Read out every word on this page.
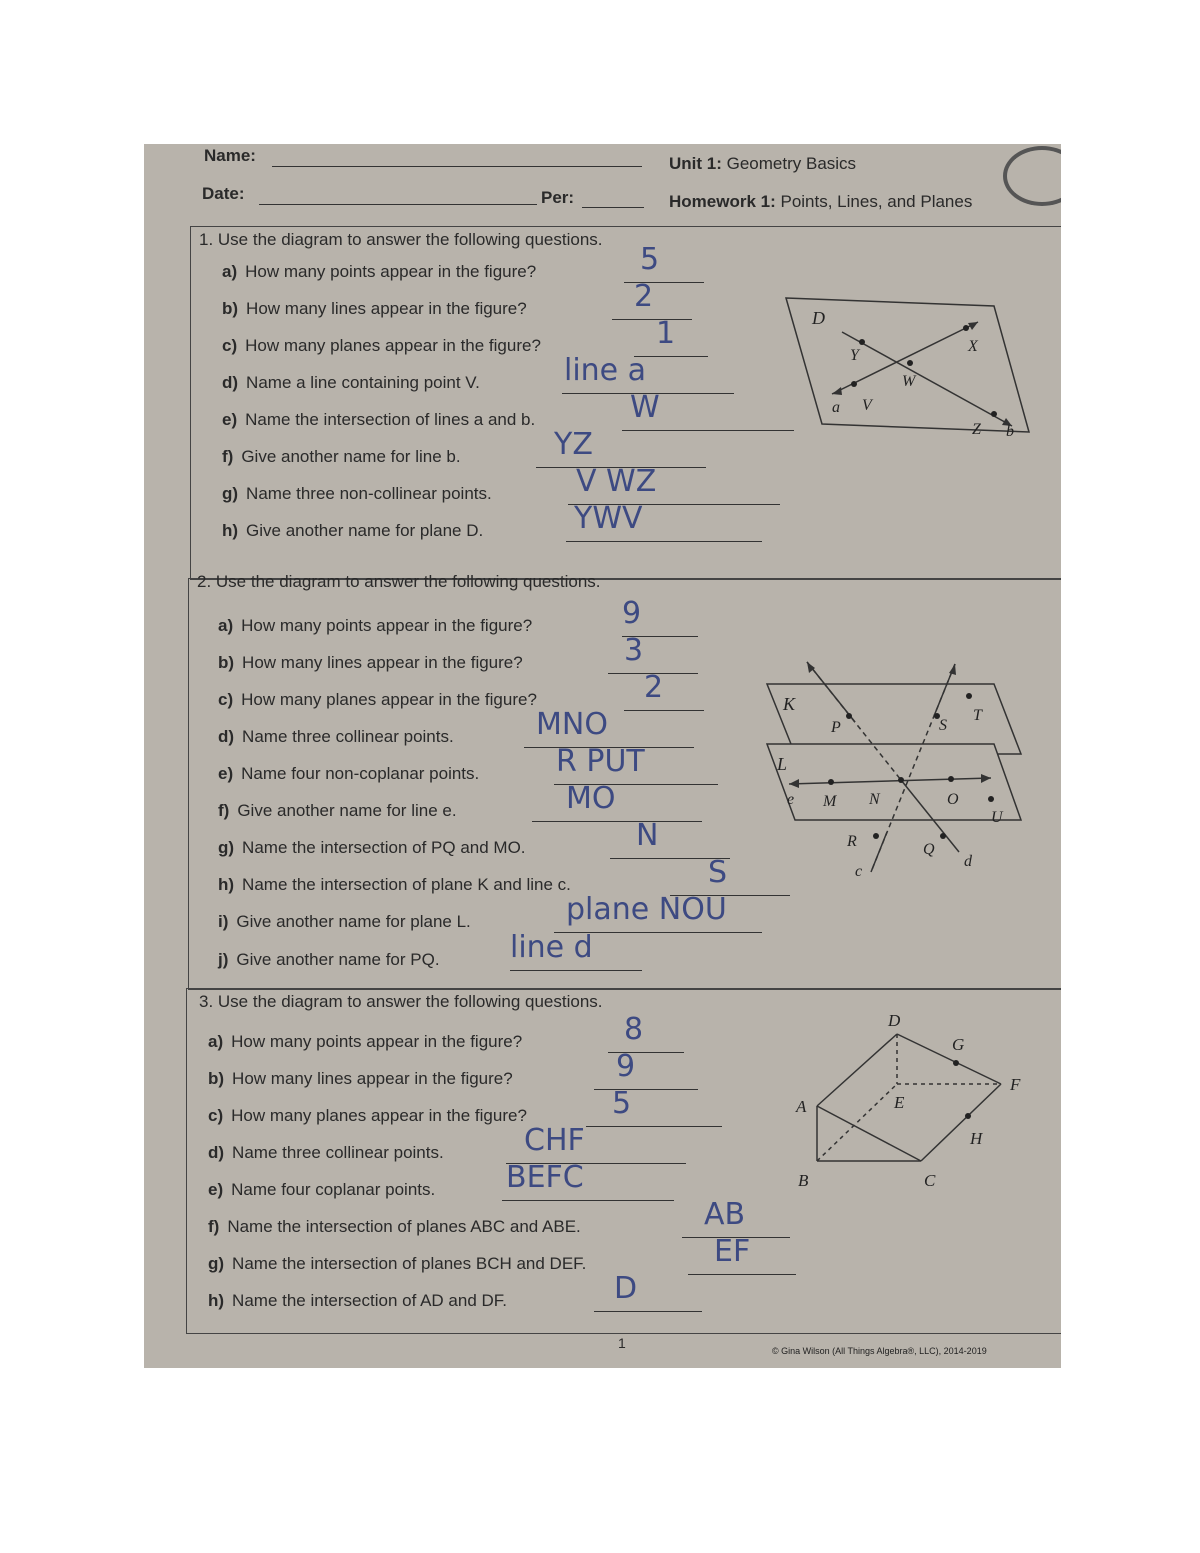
Name:
Date:	Per:
Unit 1: Geometry Basics
Homework 1: Points, Lines, and Planes
1. Use the diagram to answer the following questions.
a) How many points appear in the figure?	5
b) How many lines appear in the figure?	2
c) How many planes appear in the figure?	1
d) Name a line containing point V.	line a
e) Name the intersection of lines a and b.	W
f) Give another name for line b.	YZ
g) Name three non-collinear points.	V WZ
h) Give another name for plane D.	YWV
D
Y
X
W
a V
Z b
2. Use the diagram to answer the following questions.
a) How many points appear in the figure?	9
b) How many lines appear in the figure?	3
c) How many planes appear in the figure?	2
d) Name three collinear points.	MNO
e) Name four non-coplanar points.	R PUT
f) Give another name for line e.	MO
g) Name the intersection of PQ and MO.	N
h) Name the intersection of plane K and line c.	S
i) Give another name for plane L.	plane NOU
j) Give another name for PQ. line d
K
L
P	S
T
e M N	O
U
R	Q
c
d
3. Use the diagram to answer the following questions.
a) How many points appear in the figure?	8
b) How many lines appear in the figure?	9
c) How many planes appear in the figure?	5
d) Name three collinear points.	CHF
e) Name four coplanar points. BEFC
f) Name the intersection of planes ABC and ABE.	AB
g) Name the intersection of planes BCH and DEF.	EF
h) Name the intersection of AD and DF.	D
D
G
F
A	E
H
B	C
1	© Gina Wilson (All Things Algebra®, LLC), 2014-2019
